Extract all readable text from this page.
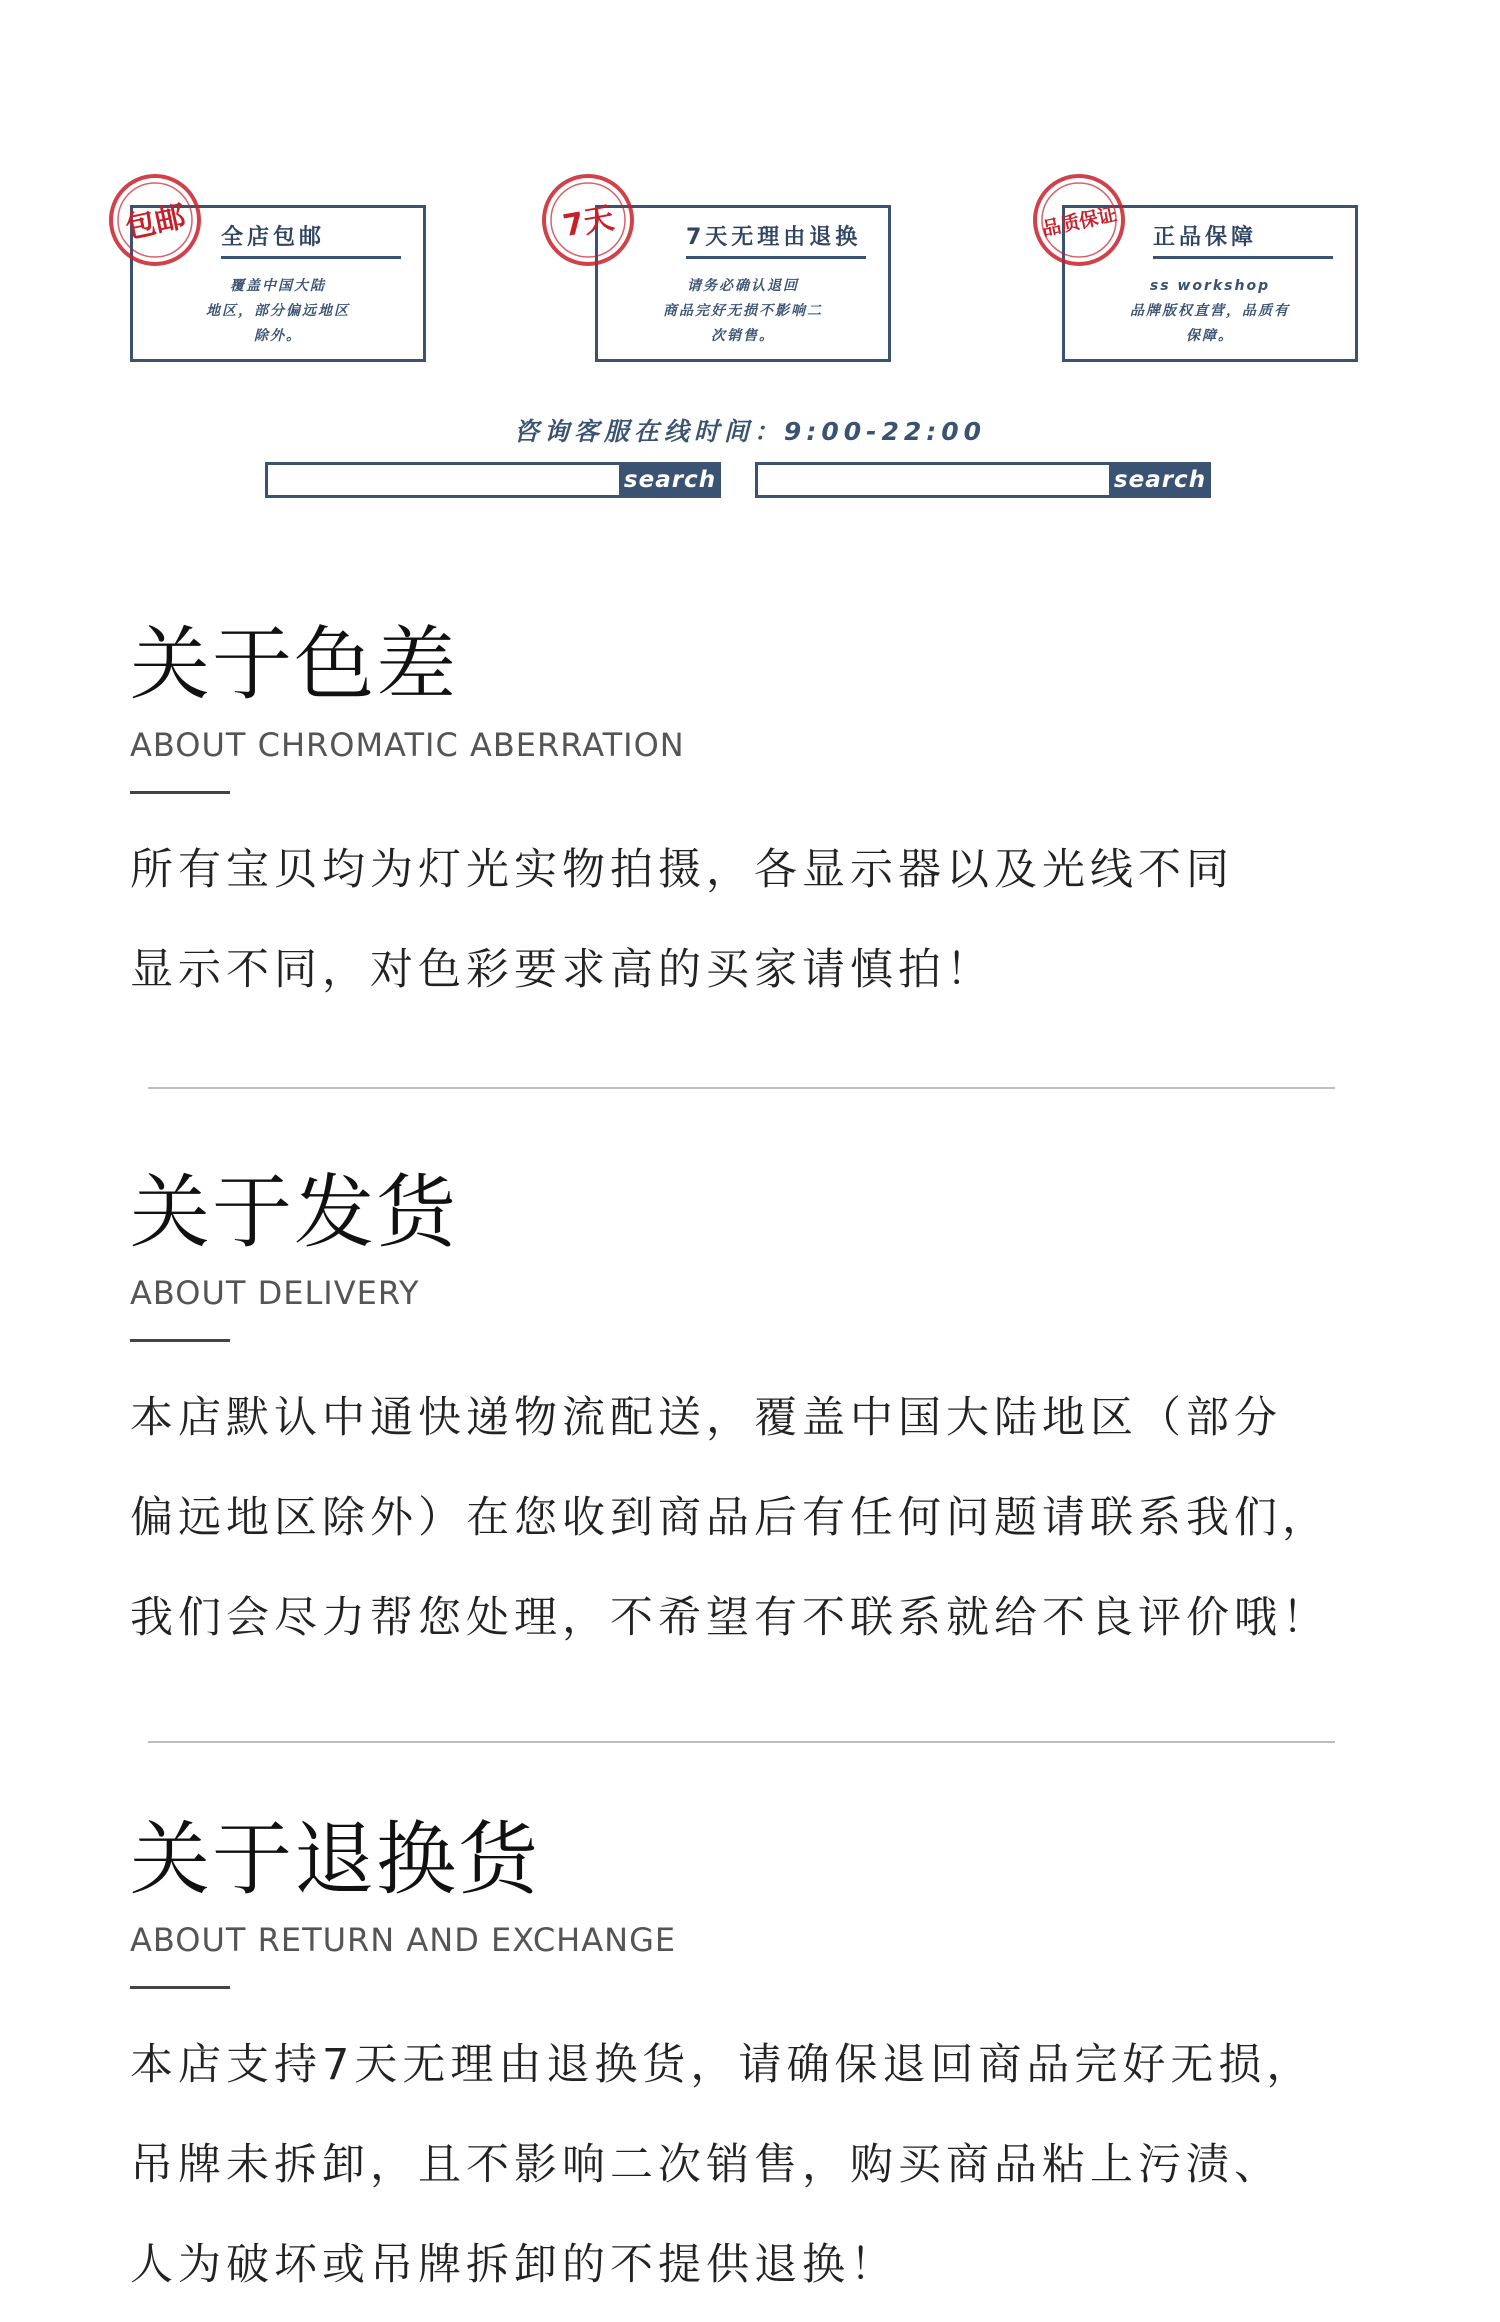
全店包邮
覆盖中国大陆
地区，部分偏远地区
除外。
包邮	7天无理由退换
请务必确认退回
商品完好无损不影响二
次销售。
7天	正品保障
ss workshop
品牌版权直营，品质有
保障。
品质保证
咨询客服在线时间：9:00-22:00
search	search
关于色差
ABOUT CHROMATIC ABERRATION

所有宝贝均为灯光实物拍摄，各显示器以及光线不同

显示不同，对色彩要求高的买家请慎拍！

关于发货
ABOUT DELIVERY

本店默认中通快递物流配送，覆盖中国大陆地区（部分

偏远地区除外）在您收到商品后有任何问题请联系我们，

我们会尽力帮您处理，不希望有不联系就给不良评价哦！

关于退换货
ABOUT RETURN AND EXCHANGE

本店支持7天无理由退换货，请确保退回商品完好无损，

吊牌未拆卸，且不影响二次销售，购买商品粘上污渍、

人为破坏或吊牌拆卸的不提供退换！
